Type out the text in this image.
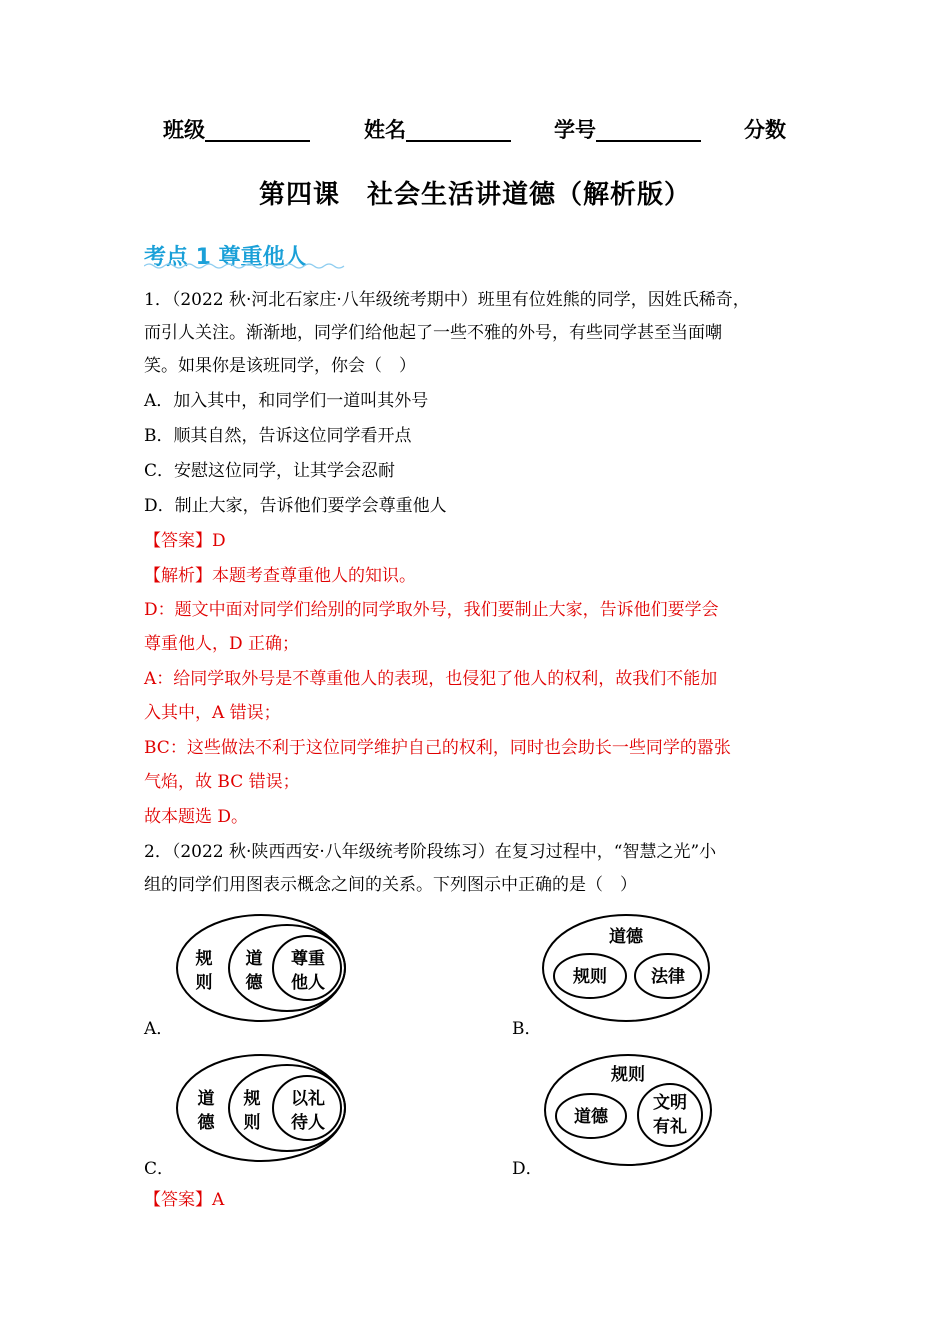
班级__________	姓名__________ 学号__________ 分数
第四课　社会生活讲道德（解析版）
考点 1 尊重他人
1．（2022 秋·河北石家庄·八年级统考期中）班里有位姓熊的同学，因姓氏稀奇，
而引人关注。渐渐地，同学们给他起了一些不雅的外号，有些同学甚至当面嘲
笑。如果你是该班同学，你会（　）
A．加入其中，和同学们一道叫其外号
B．顺其自然，告诉这位同学看开点
C．安慰这位同学，让其学会忍耐
D．制止大家，告诉他们要学会尊重他人
【答案】D
【解析】本题考查尊重他人的知识。
D：题文中面对同学们给别的同学取外号，我们要制止大家，告诉他们要学会
尊重他人，D 正确；
A：给同学取外号是不尊重他人的表现，也侵犯了他人的权利，故我们不能加
入其中，A 错误；
BC：这些做法不利于这位同学维护自己的权利，同时也会助长一些同学的嚣张
气焰，故 BC 错误；
故本题选 D。
2．（2022 秋·陕西西安·八年级统考阶段练习）在复习过程中，“智慧之光”小
组的同学们用图表示概念之间的关系。下列图示中正确的是（　）
规
则
道
德
尊重
他人
A．
道德
规则	法律
B．
道
德
规
则
以礼
待人
C．
规则
道德
文明
有礼
D．
【答案】A
